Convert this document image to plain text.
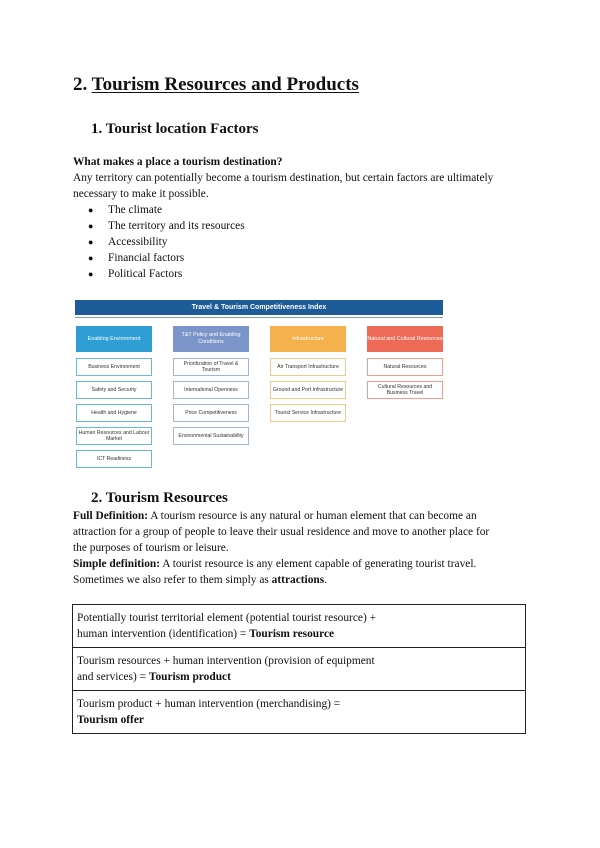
2. Tourism Resources and Products
1. Tourist location Factors
What makes a place a tourism destination?
Any territory can potentially become a tourism destination, but certain factors are ultimately
necessary to make it possible.
● The climate
● The territory and its resources
● Accessibility
● Financial factors
● Political Factors
Travel & Tourism Competitiveness Index
Enabling Environment
Business Environment
Safety and Security
Health and Hygiene
Human Resources and Labour Market
ICT Readiness
T&T Policy and Enabling Conditions
Prioritization of Travel & Tourism
International Openness
Price Competitiveness
Environmental Sustainability
Infrastructure
Air Transport Infrastructure
Ground and Port Infrastructure
Tourist Service Infrastructure
Natural and Cultural Resources
Natural Resources
Cultural Resources and Business Travel
2. Tourism Resources
Full Definition: A tourism resource is any natural or human element that can become an
attraction for a group of people to leave their usual residence and move to another place for
the purposes of tourism or leisure.
Simple definition: A tourist resource is any element capable of generating tourist travel.
Sometimes we also refer to them simply as attractions.
Potentially tourist territorial element (potential tourist resource) +
human intervention (identification) = Tourism resource
Tourism resources + human intervention (provision of equipment
and services) = Tourism product
Tourism product + human intervention (merchandising) =
Tourism offer
